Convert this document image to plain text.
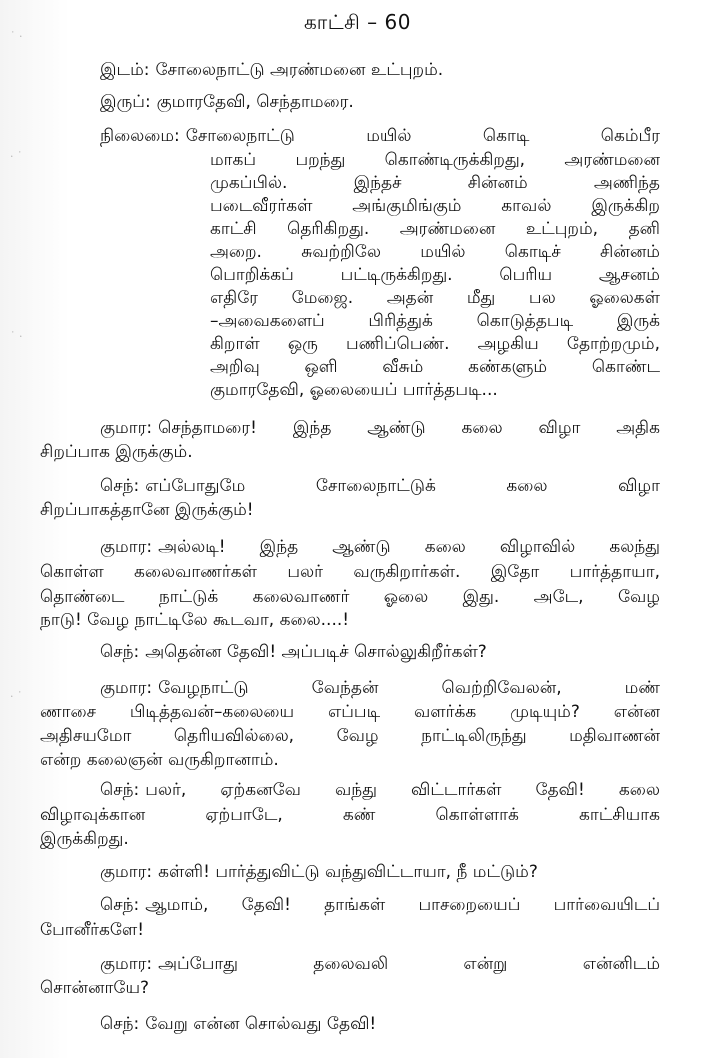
˙ ·
· ˙
˙ ·
· ˙
காட்சி – 60
இடம்: சோலைநாட்டு அரண்மனை உட்புறம்.
இருப்: குமாரதேவி, செந்தாமரை.
நிலைமை: சோலைநாட்டு மயில் கொடி கெம்பீர
மாகப் பறந்து கொண்டிருக்கிறது, அரண்மனை
முகப்பில். இந்தச் சின்னம் அணிந்த
படைவீரர்கள் அங்குமிங்கும் காவல் இருக்கிற
காட்சி தெரிகிறது. அரண்மனை உட்புறம், தனி
அறை. சுவற்றிலே மயில் கொடிச் சின்னம்
பொறிக்கப் பட்டிருக்கிறது. பெரிய ஆசனம்
எதிரே மேஜை. அதன் மீது பல ஓலைகள்
–அவைகளைப் பிரித்துக் கொடுத்தபடி இருக்
கிறாள் ஒரு பணிப்பெண். அழகிய தோற்றமும்,
அறிவு ஒளி வீசும் கண்களும் கொண்ட
குமாரதேவி, ஓலையைப் பார்த்தபடி...
குமார: செந்தாமரை! இந்த ஆண்டு கலை விழா அதிக
சிறப்பாக இருக்கும்.
செந்: எப்போதுமே சோலைநாட்டுக் கலை விழா
சிறப்பாகத்தானே இருக்கும்!
குமார: அல்லடி! இந்த ஆண்டு கலை விழாவில் கலந்து
கொள்ள கலைவாணர்கள் பலர் வருகிறார்கள். இதோ பார்த்தாயா,
தொண்டை நாட்டுக் கலைவாணர் ஓலை இது. அடே, வேழ
நாடு! வேழ நாட்டிலே கூடவா, கலை....!
செந்: அதென்ன தேவி! அப்படிச் சொல்லுகிறீர்கள்?
குமார: வேழநாட்டு வேந்தன் வெற்றிவேலன், மண்
ணாசை பிடித்தவன்–கலையை எப்படி வளர்க்க முடியும்? என்ன
அதிசயமோ தெரியவில்லை, வேழ நாட்டிலிருந்து மதிவாணன்
என்ற கலைஞன் வருகிறானாம்.
செந்: பலர், ஏற்கனவே வந்து விட்டார்கள் தேவி! கலை
விழாவுக்கான ஏற்பாடே, கண் கொள்ளாக் காட்சியாக
இருக்கிறது.
குமார: கள்ளி! பார்த்துவிட்டு வந்துவிட்டாயா, நீ மட்டும்?
செந்: ஆமாம், தேவி! தாங்கள் பாசறையைப் பார்வையிடப்
போனீர்களே!
குமார: அப்போது தலைவலி என்று என்னிடம்
சொன்னாயே?
செந்: வேறு என்ன சொல்வது தேவி!
